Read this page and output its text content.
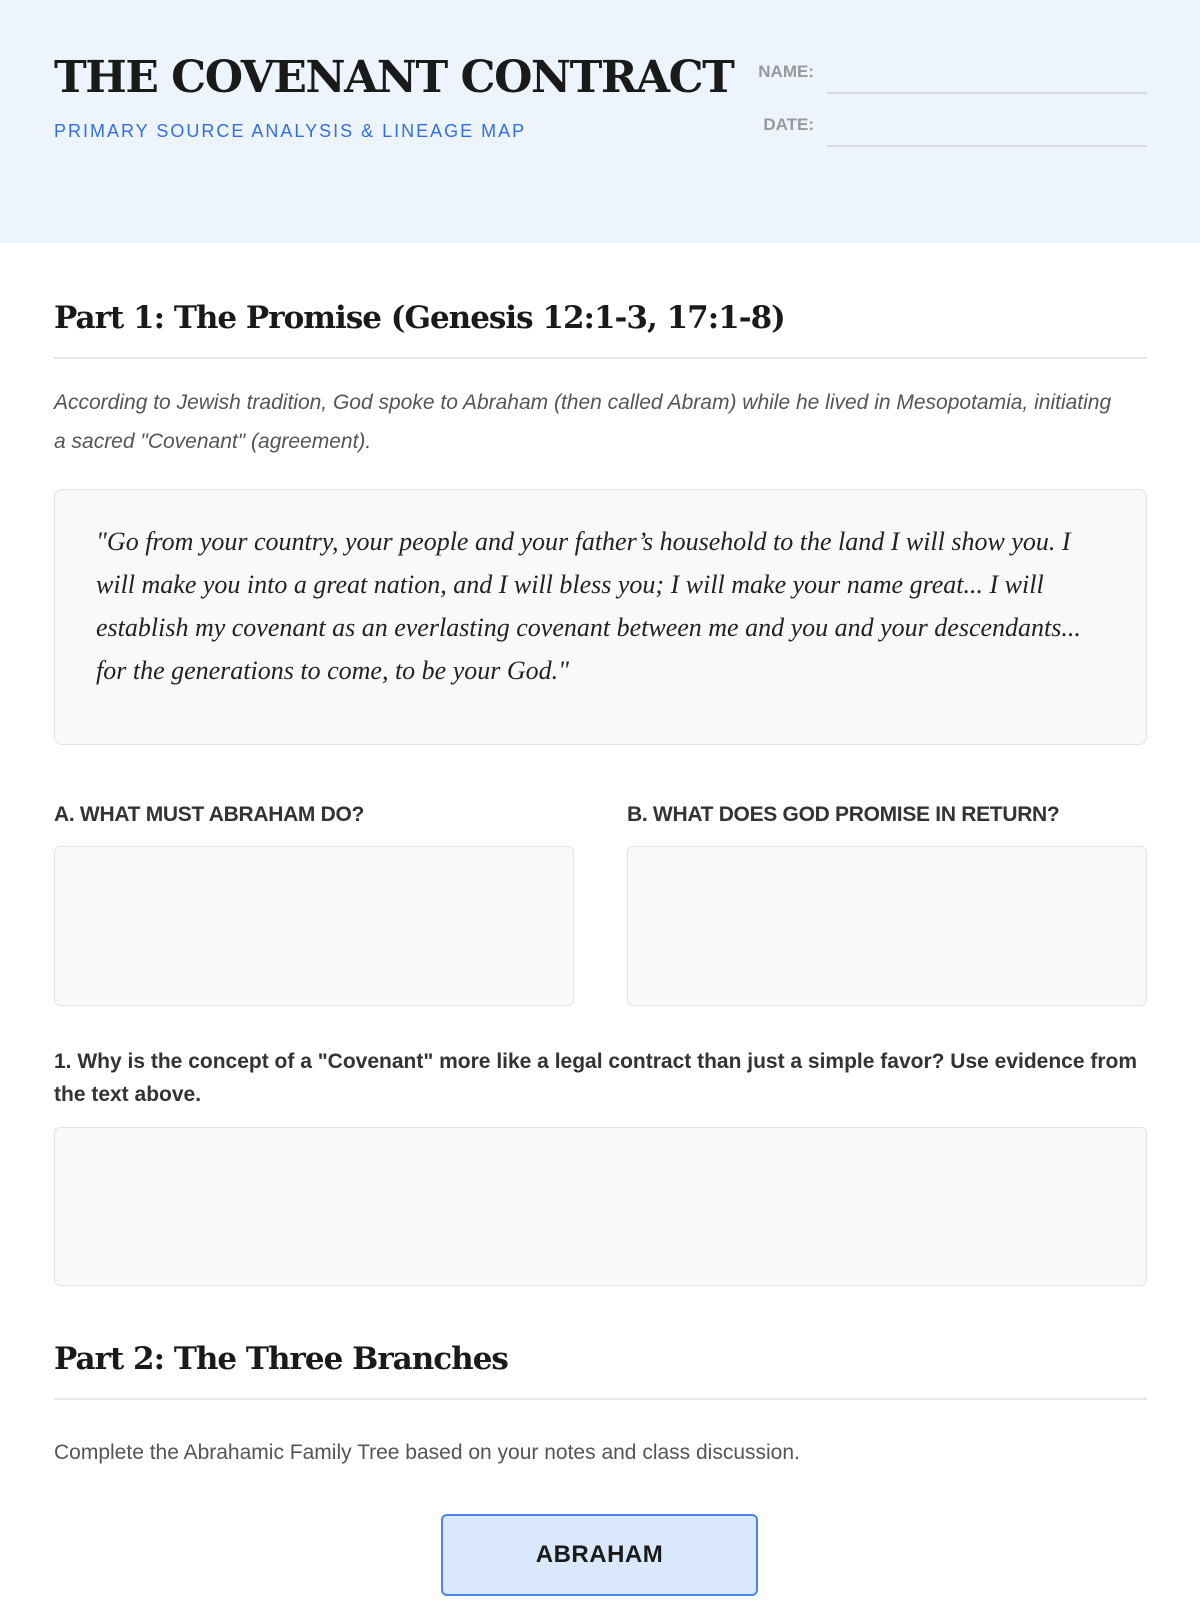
THE COVENANT CONTRACT
PRIMARY SOURCE ANALYSIS & LINEAGE MAP
NAME:
DATE:
Part 1: The Promise (Genesis 12:1-3, 17:1-8)

According to Jewish tradition, God spoke to Abraham (then called Abram) while he lived in Mesopotamia, initiating a sacred "Covenant" (agreement).

"Go from your country, your people and your father’s household to the land I will show you. I will make you into a great nation, and I will bless you; I will make your name great... I will establish my covenant as an everlasting covenant between me and you and your descendants... for the generations to come, to be your God."

A. WHAT MUST ABRAHAM DO?	B. WHAT DOES GOD PROMISE IN RETURN?

1. Why is the concept of a "Covenant" more like a legal contract than just a simple favor? Use evidence from the text above.

Part 2: The Three Branches

Complete the Abrahamic Family Tree based on your notes and class discussion.

ABRAHAM
